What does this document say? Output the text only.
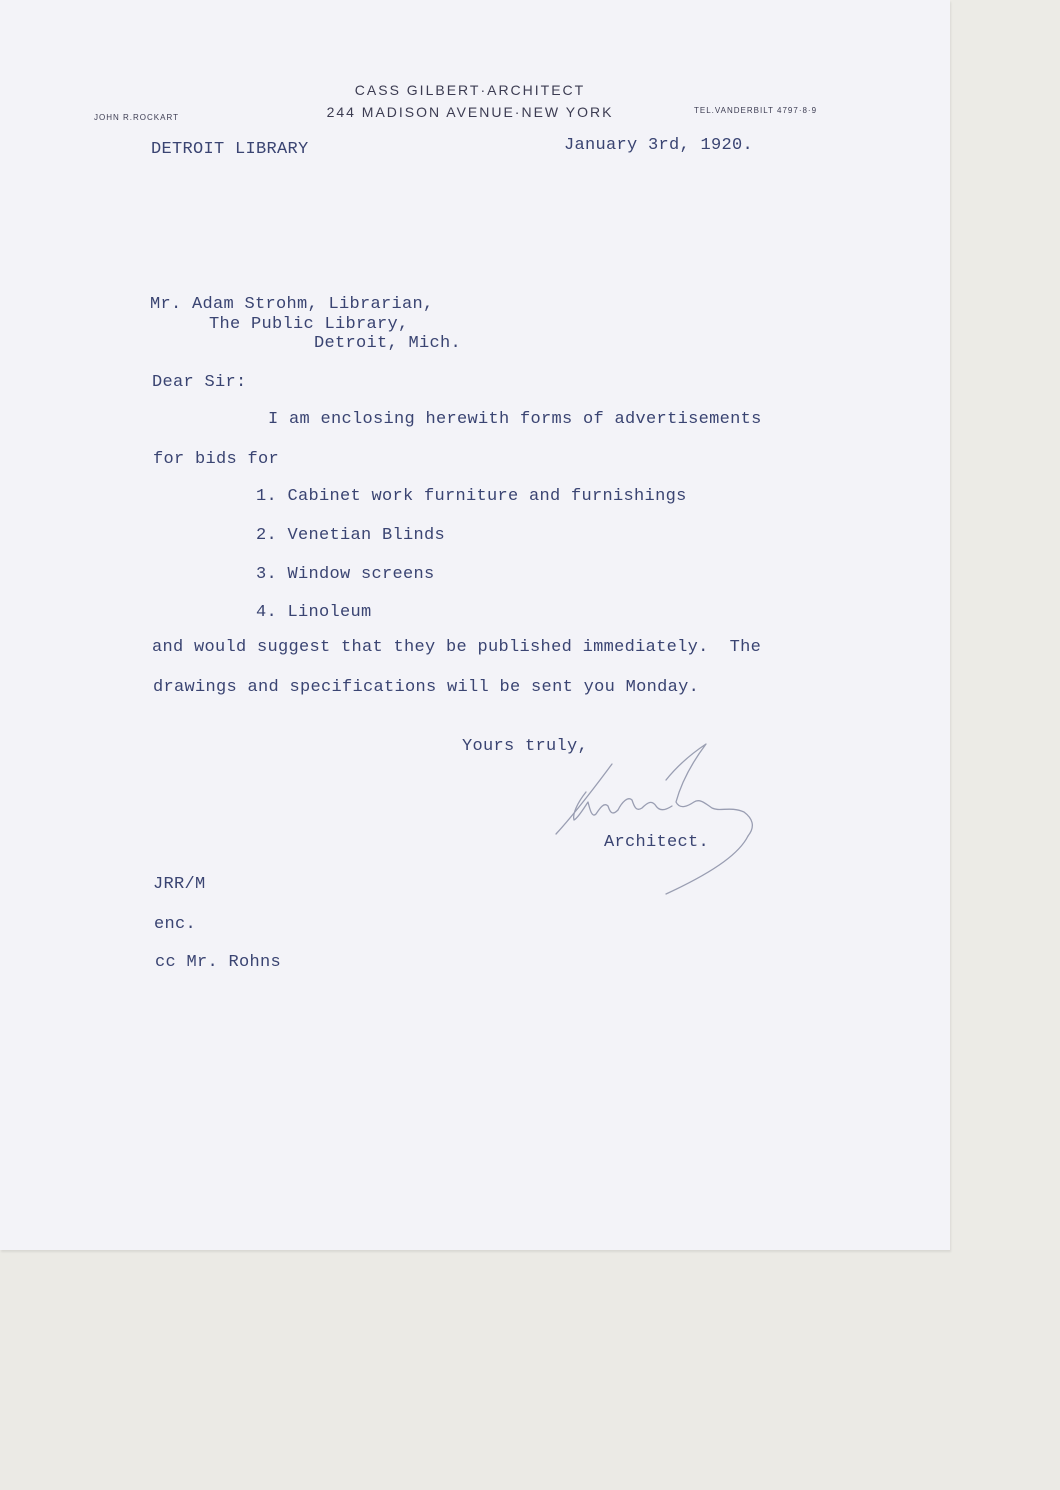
CASS GILBERT·ARCHITECT
244 MADISON AVENUE·NEW YORK
JOHN R.ROCKART
TEL.VANDERBILT 4797·8·9
DETROIT LIBRARY	January 3rd, 1920.
Mr. Adam Strohm, Librarian,
The Public Library,
Detroit, Mich.
Dear Sir:
I am enclosing herewith forms of advertisements
for bids for
1. Cabinet work furniture and furnishings
2. Venetian Blinds
3. Window screens
4. Linoleum
and would suggest that they be published immediately.  The
drawings and specifications will be sent you Monday.
Yours truly,
Architect.
JRR/M
enc.
cc Mr. Rohns
